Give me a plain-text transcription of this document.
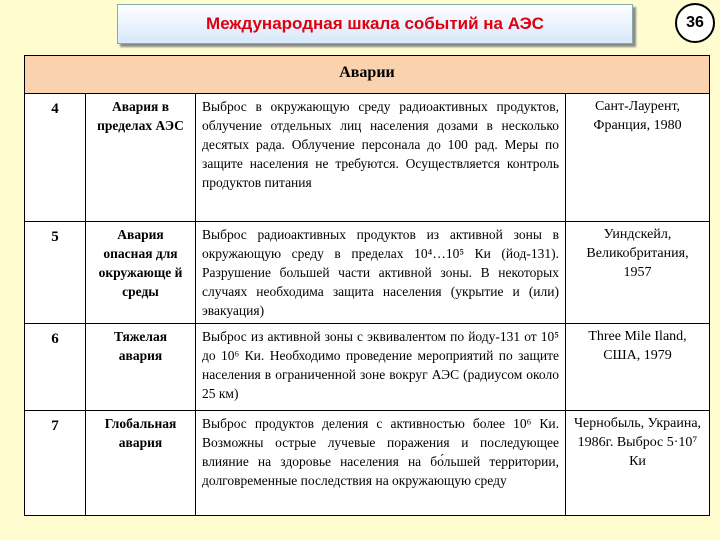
Международная шкала событий на АЭС	36
Аварии			
4	Авария в пределах АЭС	Выброс в окружающую среду радиоактивных продуктов, облучение отдельных лиц населения дозами в несколько десятых рада. Облучение персонала до 100 рад. Меры по защите населения не требуются. Осуществляется контроль продуктов питания	Сант-Лаурент, Франция, 1980
5	Авария опасная для окружающе й среды	Выброс радиоактивных продуктов из активной зоны в окружающую среду в пределах 10⁴…10⁵ Ки (йод-131). Разрушение большей части активной зоны. В некоторых случаях необходима защита населения (укрытие и (или) эвакуация)	Уиндскейл, Великобритания, 1957
6	Тяжелая авария	Выброс из активной зоны с эквивалентом по йоду-131 от 10⁵ до 10⁶ Ки. Необходимо проведение мероприятий по защите населения в ограниченной зоне вокруг АЭС (радиусом около 25 км)	Three Mile Iland, США, 1979
7	Глобальная авария	Выброс продуктов деления с активностью более 10⁶ Ки. Возможны острые лучевые поражения и последующее влияние на здоровье населения на бо́льшей территории, долговременные последствия на окружающую среду	Чернобыль, Украина, 1986г. Выброс 5·10⁷ Ки
